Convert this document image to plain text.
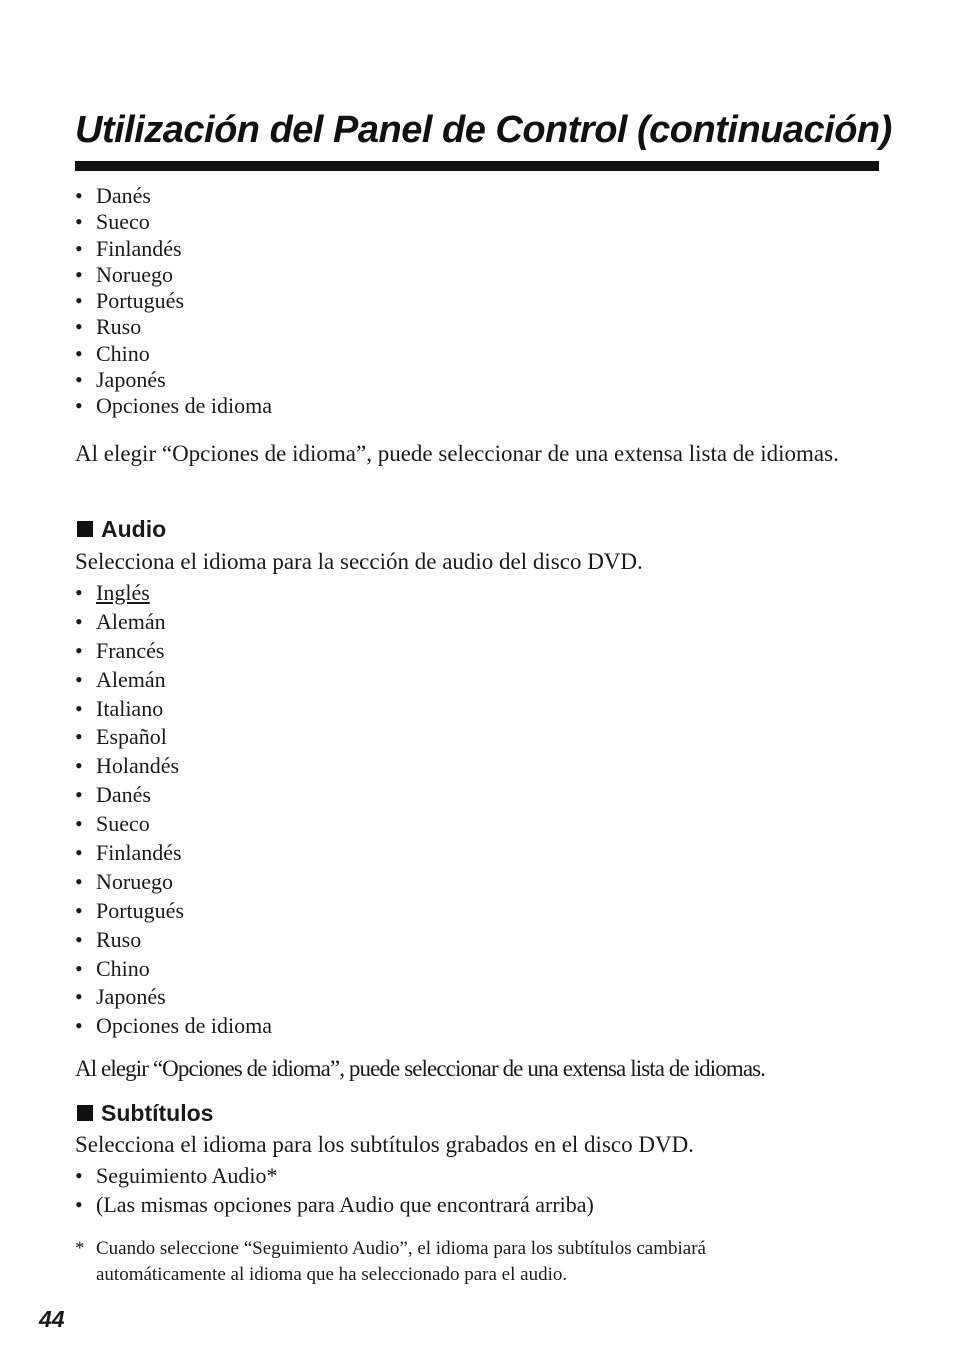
Utilización del Panel de Control (continuación)
• Danés
• Sueco
• Finlandés
• Noruego
• Portugués
• Ruso
• Chino
• Japonés
• Opciones de idioma

Al elegir “Opciones de idioma”, puede seleccionar de una extensa lista de idiomas.

Audio

Selecciona el idioma para la sección de audio del disco DVD.

• Inglés
• Alemán
• Francés
• Alemán
• Italiano
• Español
• Holandés
• Danés
• Sueco
• Finlandés
• Noruego
• Portugués
• Ruso
• Chino
• Japonés
• Opciones de idioma

Al elegir “Opciones de idioma”, puede seleccionar de una extensa lista de idiomas.

Subtítulos

Selecciona el idioma para los subtítulos grabados en el disco DVD.

• Seguimiento Audio*
• (Las mismas opciones para Audio que encontrará arriba)
* Cuando seleccione “Seguimiento Audio”, el idioma para los subtítulos cambiará automáticamente al idioma que ha seleccionado para el audio.

44
